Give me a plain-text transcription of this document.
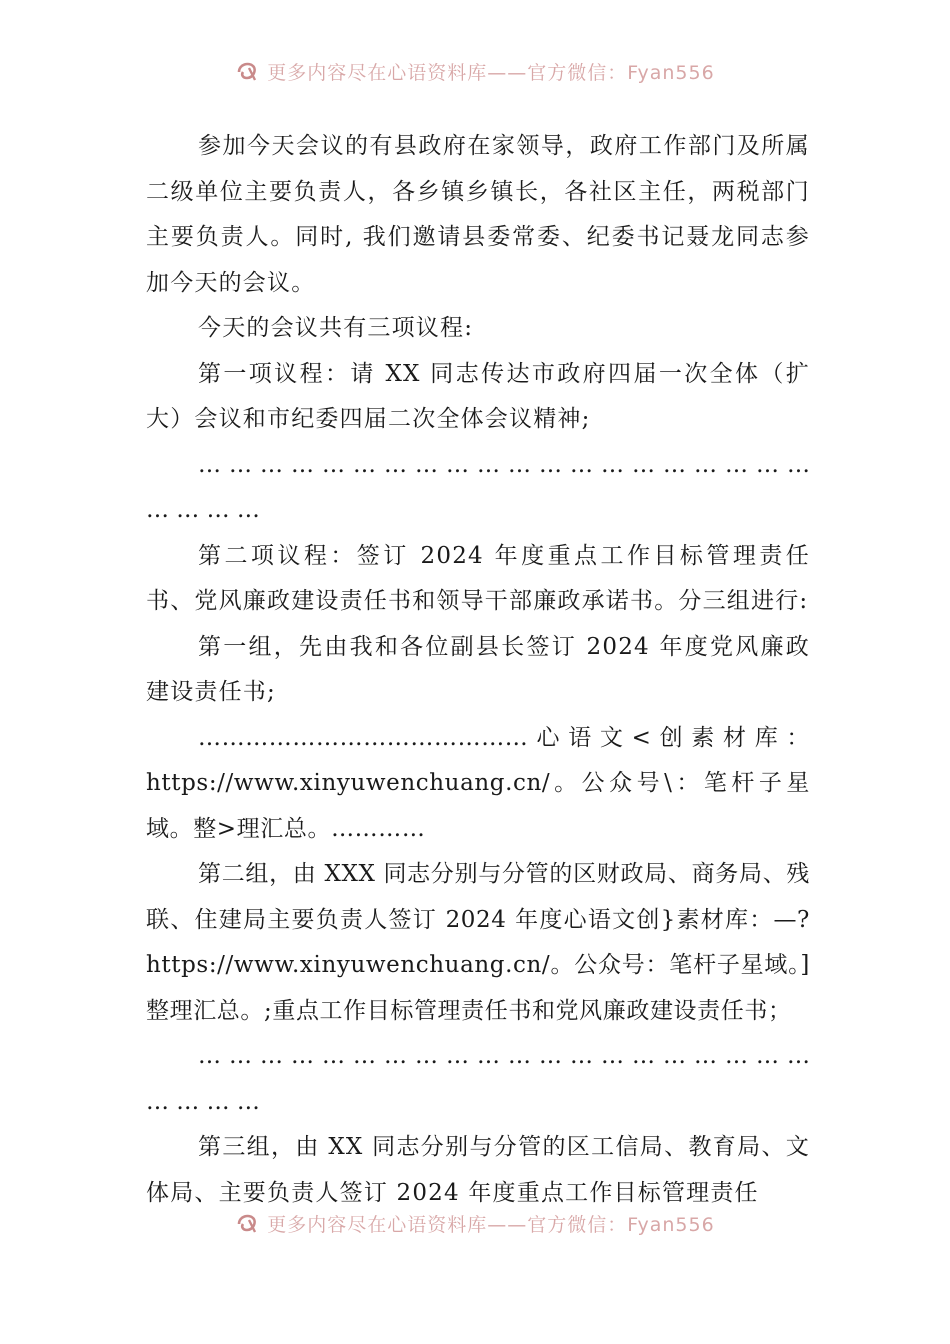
更多内容尽在心语资料库——官方微信：Fyan556

参加今天会议的有县政府在家领导，政府工作部门及所属二级单位主要负责人，各乡镇乡镇长，各社区主任，两税部门主要负责人。同时, 我们邀请县委常委、纪委书记聂龙同志参加今天的会议。

今天的会议共有三项议程:

第一项议程：请 XX 同志传达市政府四届一次全体（扩大）会议和市纪委四届二次全体会议精神;

… … … … … … … … … … … … … … … … … … … … … … … …

第二项议程：签订 2024 年度重点工作目标管理责任书、党风廉政建设责任书和领导干部廉政承诺书。分三组进行:

第一组，先由我和各位副县长签订 2024 年度党风廉政建设责任书;

……………………………………心语文<创素材库：https://www.xinyuwenchuang.cn/。公众号\：笔杆子星域。整>理汇总。…………

第二组，由 XXX 同志分别与分管的区财政局、商务局、残联、住建局主要负责人签订 2024 年度心语文创}素材库：—?https://www.xinyuwenchuang.cn/。公众号：笔杆子星域。]整理汇总。;重点工作目标管理责任书和党风廉政建设责任书；

… … … … … … … … … … … … … … … … … … … … … … … …

第三组，由 XX 同志分别与分管的区工信局、教育局、文体局、主要负责人签订 2024 年度重点工作目标管理责任

更多内容尽在心语资料库——官方微信：Fyan556
